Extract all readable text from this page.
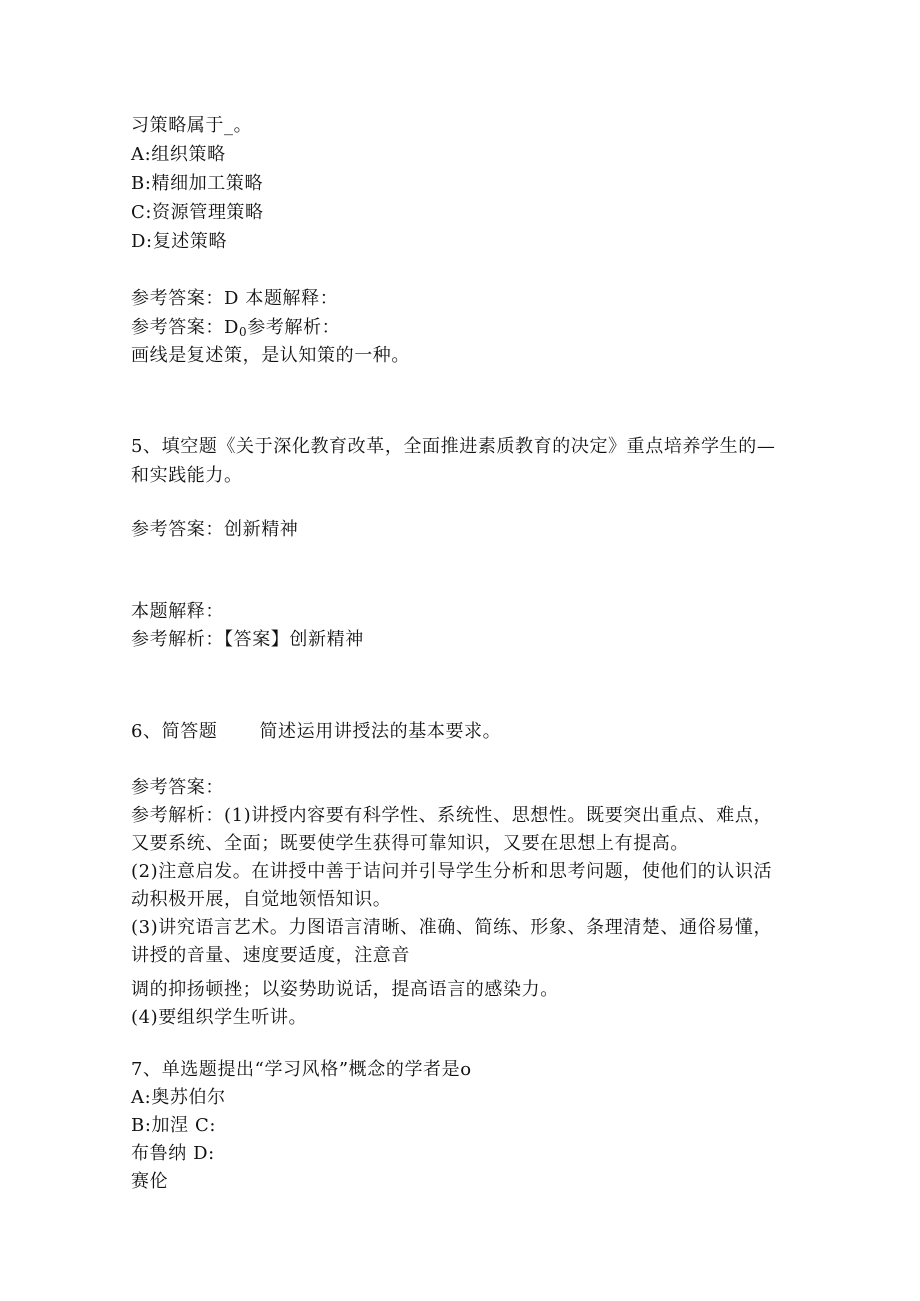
习策略属于_。
A:组织策略
B:精细加工策略
C:资源管理策略
D:复述策略
参考答案：D 本题解释：
参考答案：$D_0$参考解析：
画线是复述策，是认知策的一种。
5、填空题《关于深化教育改革，全面推进素质教育的决定》重点培养学生的—
和实践能力。
参考答案：创新精神
本题解释：
参考解析：【答案】创新精神
6、简答题 简述运用讲授法的基本要求。
参考答案：
参考解析：(1)讲授内容要有科学性、系统性、思想性。既要突出重点、难点，
又要系统、全面；既要使学生获得可靠知识，又要在思想上有提高。
(2)注意启发。在讲授中善于诘问并引导学生分析和思考问题，使他们的认识活
动积极开展，自觉地领悟知识。
(3)讲究语言艺术。力图语言清晰、准确、简练、形象、条理清楚、通俗易懂，
讲授的音量、速度要适度，注意音
调的抑扬顿挫；以姿势助说话，提高语言的感染力。
(4)要组织学生听讲。
7、单选题提出“学习风格”概念的学者是o
A:奥苏伯尔
B:加涅 C:
布鲁纳 D:
赛伦
